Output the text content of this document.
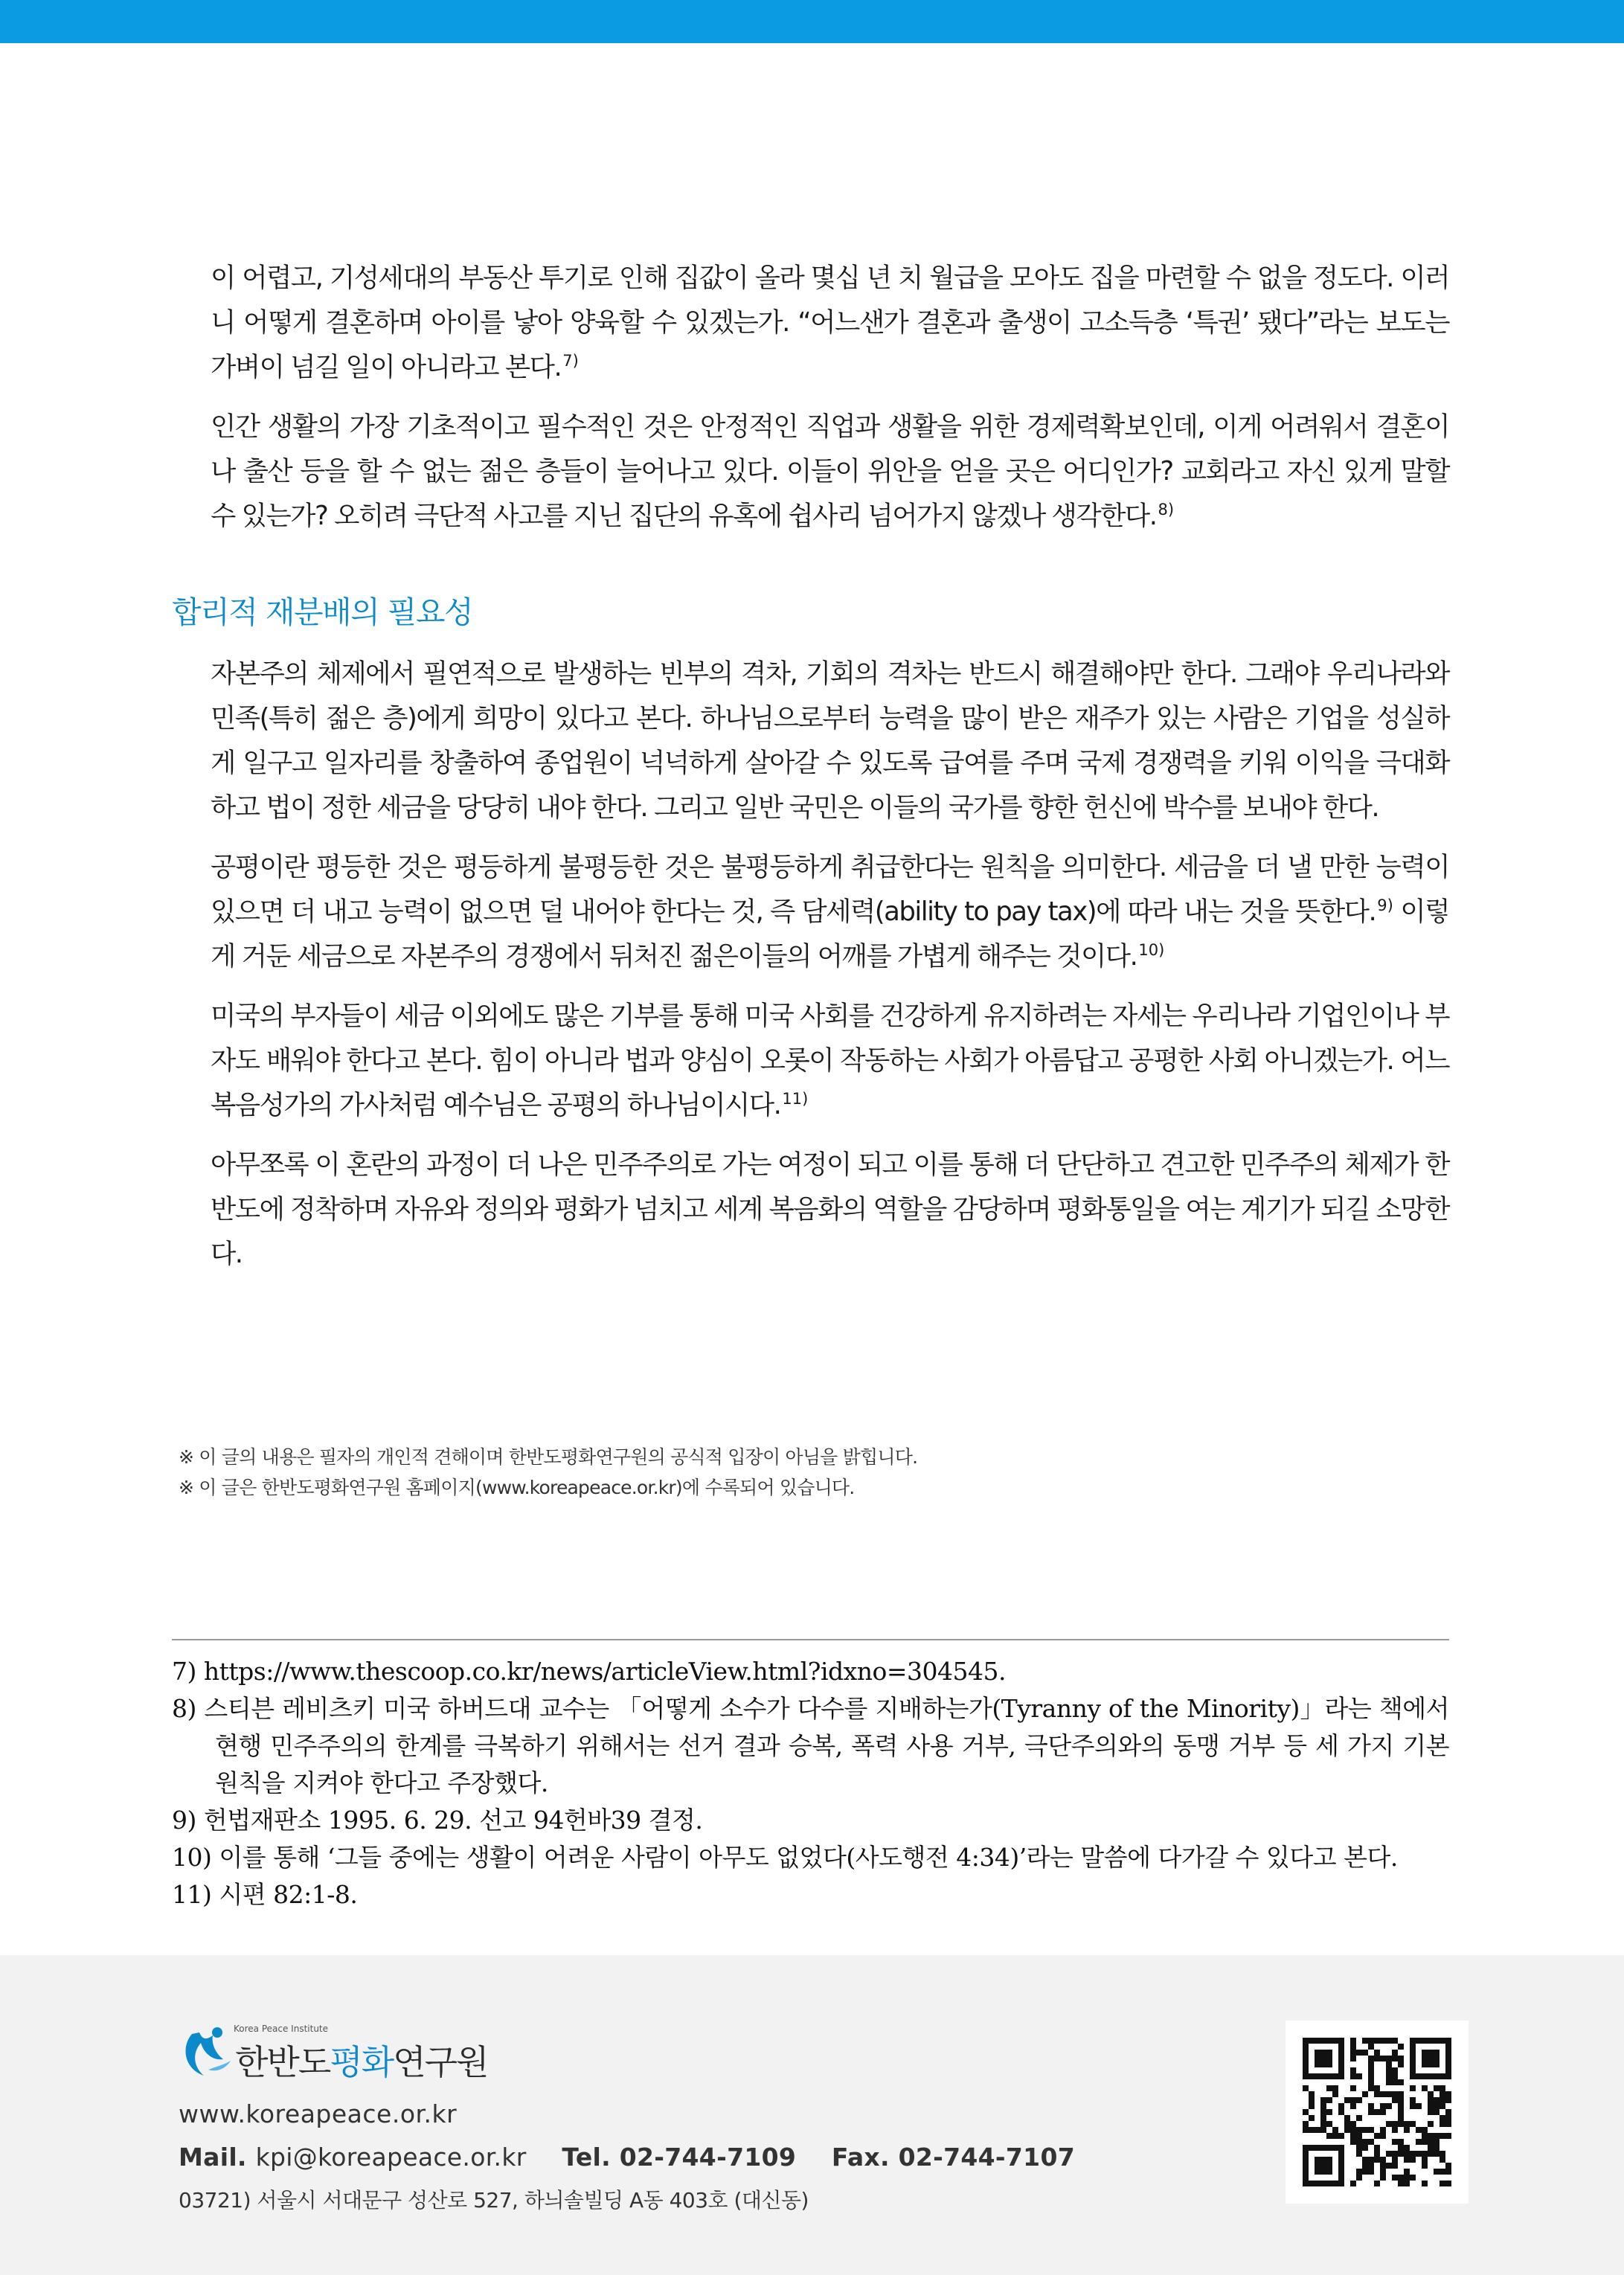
이 어렵고, 기성세대의 부동산 투기로 인해 집값이 올라 몇십 년 치 월급을 모아도 집을 마련할 수 없을 정도다. 이러니 어떻게 결혼하며 아이를 낳아 양육할 수 있겠는가. “어느샌가 결혼과 출생이 고소득층 ‘특권’ 됐다”라는 보도는 가벼이 넘길 일이 아니라고 본다.$^{7)}$

인간 생활의 가장 기초적이고 필수적인 것은 안정적인 직업과 생활을 위한 경제력확보인데, 이게 어려워서 결혼이나 출산 등을 할 수 없는 젊은 층들이 늘어나고 있다. 이들이 위안을 얻을 곳은 어디인가? 교회라고 자신 있게 말할 수 있는가? 오히려 극단적 사고를 지닌 집단의 유혹에 쉽사리 넘어가지 않겠나 생각한다.$^{8)}$

합리적 재분배의 필요성

자본주의 체제에서 필연적으로 발생하는 빈부의 격차, 기회의 격차는 반드시 해결해야만 한다. 그래야 우리나라와 민족(특히 젊은 층)에게 희망이 있다고 본다. 하나님으로부터 능력을 많이 받은 재주가 있는 사람은 기업을 성실하게 일구고 일자리를 창출하여 종업원이 넉넉하게 살아갈 수 있도록 급여를 주며 국제 경쟁력을 키워 이익을 극대화하고 법이 정한 세금을 당당히 내야 한다. 그리고 일반 국민은 이들의 국가를 향한 헌신에 박수를 보내야 한다.

공평이란 평등한 것은 평등하게 불평등한 것은 불평등하게 취급한다는 원칙을 의미한다. 세금을 더 낼 만한 능력이 있으면 더 내고 능력이 없으면 덜 내어야 한다는 것, 즉 담세력(ability to pay tax)에 따라 내는 것을 뜻한다.$^{9)}$ 이렇게 거둔 세금으로 자본주의 경쟁에서 뒤처진 젊은이들의 어깨를 가볍게 해주는 것이다.$^{10)}$

미국의 부자들이 세금 이외에도 많은 기부를 통해 미국 사회를 건강하게 유지하려는 자세는 우리나라 기업인이나 부자도 배워야 한다고 본다. 힘이 아니라 법과 양심이 오롯이 작동하는 사회가 아름답고 공평한 사회 아니겠는가. 어느 복음성가의 가사처럼 예수님은 공평의 하나님이시다.$^{11)}$

아무쪼록 이 혼란의 과정이 더 나은 민주주의로 가는 여정이 되고 이를 통해 더 단단하고 견고한 민주주의 체제가 한반도에 정착하며 자유와 정의와 평화가 넘치고 세계 복음화의 역할을 감당하며 평화통일을 여는 계기가 되길 소망한다.

※ 이 글의 내용은 필자의 개인적 견해이며 한반도평화연구원의 공식적 입장이 아님을 밝힙니다.
※ 이 글은 한반도평화연구원 홈페이지(www.koreapeace.or.kr)에 수록되어 있습니다.
7) https://www.thescoop.co.kr/news/articleView.html?idxno=304545.
8) 스티븐 레비츠키 미국 하버드대 교수는 「어떻게 소수가 다수를 지배하는가(Tyranny of the Minority)」라는 책에서 현행 민주주의의 한계를 극복하기 위해서는 선거 결과 승복, 폭력 사용 거부, 극단주의와의 동맹 거부 등 세 가지 기본원칙을 지켜야 한다고 주장했다.
9) 헌법재판소 1995. 6. 29. 선고 94헌바39 결정.
10) 이를 통해 ‘그들 중에는 생활이 어려운 사람이 아무도 없었다(사도행전 4:34)’라는 말씀에 다가갈 수 있다고 본다.
11) 시편 82:1-8.
Korea Peace Institute
한반도평화연구원
www.koreapeace.or.kr
Mail. kpi@koreapeace.or.kr Tel. 02-744-7109 Fax. 02-744-7107
03721) 서울시 서대문구 성산로 527, 하늬솔빌딩 A동 403호 (대신동)
